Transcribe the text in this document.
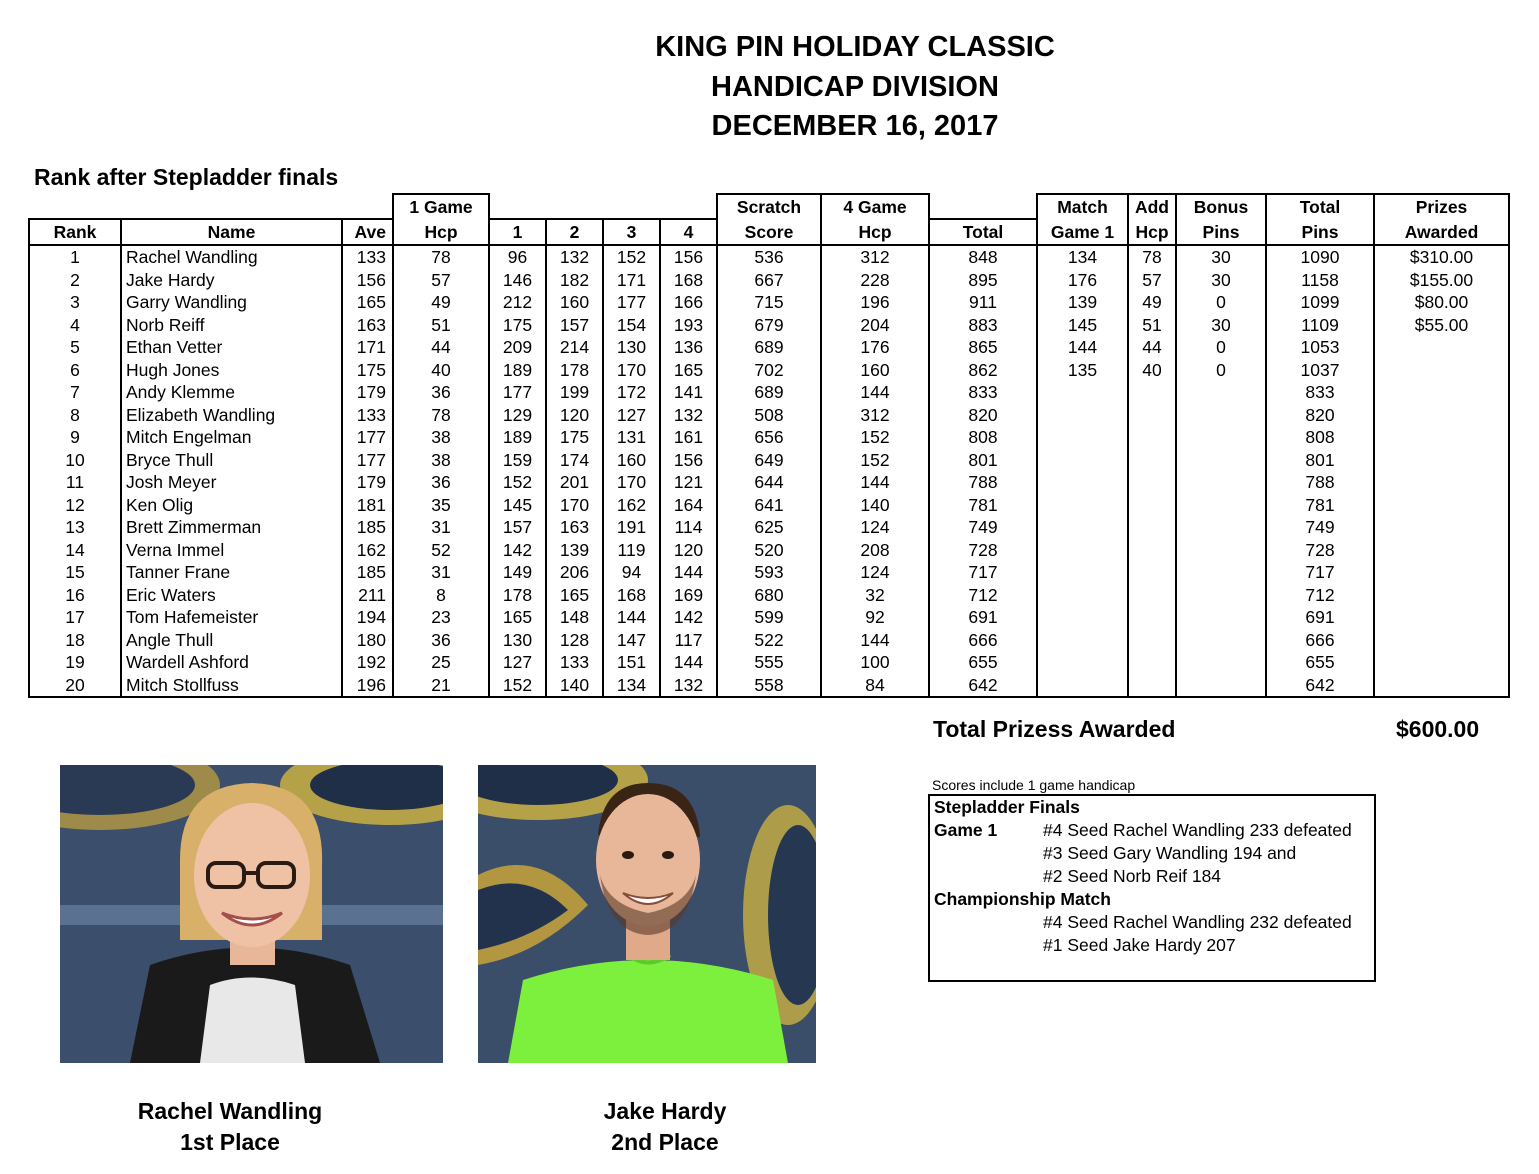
KING PIN HOLIDAY CLASSIC
HANDICAP DIVISION
DECEMBER 16, 2017
Rank after Stepladder finals
			1 Game					Scratch	4 Game		Match	Add	Bonus	Total	Prizes
Rank	Name	Ave	Hcp	1	2	3	4	Score	Hcp	Total	Game 1	Hcp	Pins	Pins	Awarded
1	Rachel Wandling	133	78	96	132	152	156	536	312	848	134	78	30	1090	$310.00
2	Jake Hardy	156	57	146	182	171	168	667	228	895	176	57	30	1158	$155.00
3	Garry Wandling	165	49	212	160	177	166	715	196	911	139	49	0	1099	$80.00
4	Norb Reiff	163	51	175	157	154	193	679	204	883	145	51	30	1109	$55.00
5	Ethan Vetter	171	44	209	214	130	136	689	176	865	144	44	0	1053	
6	Hugh Jones	175	40	189	178	170	165	702	160	862	135	40	0	1037	
7	Andy Klemme	179	36	177	199	172	141	689	144	833				833	
8	Elizabeth Wandling	133	78	129	120	127	132	508	312	820				820	
9	Mitch Engelman	177	38	189	175	131	161	656	152	808				808	
10	Bryce Thull	177	38	159	174	160	156	649	152	801				801	
11	Josh Meyer	179	36	152	201	170	121	644	144	788				788	
12	Ken Olig	181	35	145	170	162	164	641	140	781				781	
13	Brett Zimmerman	185	31	157	163	191	114	625	124	749				749	
14	Verna Immel	162	52	142	139	119	120	520	208	728				728	
15	Tanner Frane	185	31	149	206	94	144	593	124	717				717	
16	Eric Waters	211	8	178	165	168	169	680	32	712				712	
17	Tom Hafemeister	194	23	165	148	144	142	599	92	691				691	
18	Angle Thull	180	36	130	128	147	117	522	144	666				666	
19	Wardell Ashford	192	25	127	133	151	144	555	100	655				655	
20	Mitch Stollfuss	196	21	152	140	134	132	558	84	642				642	
Total Prizess Awarded	$600.00
Scores include 1 game handicap
Stepladder Finals
Game 1	#4 Seed Rachel Wandling 233 defeated
#3 Seed Gary Wandling 194 and
#2 Seed Norb Reif 184
Championship Match
#4 Seed Rachel Wandling 232 defeated
#1 Seed Jake Hardy 207
Rachel Wandling
1st Place
Jake Hardy
2nd Place
